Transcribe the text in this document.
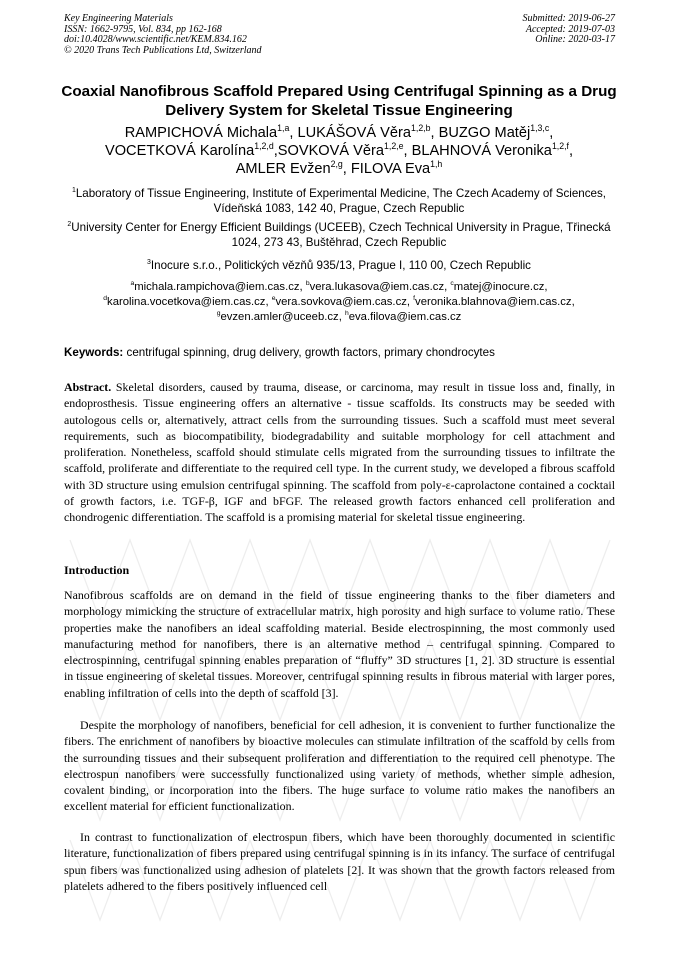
Key Engineering Materials
ISSN: 1662-9795, Vol. 834, pp 162-168
doi:10.4028/www.scientific.net/KEM.834.162
© 2020 Trans Tech Publications Ltd, Switzerland
Submitted: 2019-06-27
Accepted: 2019-07-03
Online: 2020-03-17
Coaxial Nanofibrous Scaffold Prepared Using Centrifugal Spinning as a Drug Delivery System for Skeletal Tissue Engineering
RAMPICHOVÁ Michala$^{1,a}$, LUKÁŠOVÁ Věra$^{1,2,b}$, BUZGO Matěj$^{1,3,c}$,
VOCETKOVÁ Karolína$^{1,2,d}$,SOVKOVÁ Věra$^{1,2,e}$, BLAHNOVÁ Veronika$^{1,2,f}$,
AMLER Evžen$^{2,g}$, FILOVA Eva$^{1,h}$
$^1$Laboratory of Tissue Engineering, Institute of Experimental Medicine, The Czech Academy of Sciences, Vídeňská 1083, 142 40, Prague, Czech Republic
$^2$University Center for Energy Efficient Buildings (UCEEB), Czech Technical University in Prague, Třinecká 1024, 273 43, Buštěhrad, Czech Republic
$^3$Inocure s.r.o., Politických vězňů 935/13, Prague I, 110 00, Czech Republic
$^a$michala.rampichova@iem.cas.cz, $^b$vera.lukasova@iem.cas.cz, $^c$matej@inocure.cz,
$^d$karolina.vocetkova@iem.cas.cz, $^e$vera.sovkova@iem.cas.cz, $^f$veronika.blahnova@iem.cas.cz,
$^g$evzen.amler@uceeb.cz, $^h$eva.filova@iem.cas.cz
Keywords: centrifugal spinning, drug delivery, growth factors, primary chondrocytes
Abstract. Skeletal disorders, caused by trauma, disease, or carcinoma, may result in tissue loss and, finally, in endoprosthesis. Tissue engineering offers an alternative - tissue scaffolds. Its constructs may be seeded with autologous cells or, alternatively, attract cells from the surrounding tissues. Such a scaffold must meet several requirements, such as biocompatibility, biodegradability and suitable morphology for cell attachment and proliferation. Nonetheless, scaffold should stimulate cells migrated from the surrounding tissues to infiltrate the scaffold, proliferate and differentiate to the required cell type. In the current study, we developed a fibrous scaffold with 3D structure using emulsion centrifugal spinning. The scaffold from poly-ε-caprolactone contained a cocktail of growth factors, i.e. TGF-β, IGF and bFGF. The released growth factors enhanced cell proliferation and chondrogenic differentiation. The scaffold is a promising material for skeletal tissue engineering.
Introduction
Nanofibrous scaffolds are on demand in the field of tissue engineering thanks to the fiber diameters and morphology mimicking the structure of extracellular matrix, high porosity and high surface to volume ratio. These properties make the nanofibers an ideal scaffolding material. Beside electrospinning, the most commonly used manufacturing method for nanofibers, there is an alternative method – centrifugal spinning. Compared to electrospinning, centrifugal spinning enables preparation of “fluffy” 3D structures [1, 2]. 3D structure is essential in tissue engineering of skeletal tissues. Moreover, centrifugal spinning results in fibrous material with larger pores, enabling infiltration of cells into the depth of scaffold [3].
Despite the morphology of nanofibers, beneficial for cell adhesion, it is convenient to further functionalize the fibers. The enrichment of nanofibers by bioactive molecules can stimulate infiltration of the scaffold by cells from the surrounding tissues and their subsequent proliferation and differentiation to the required cell phenotype. The electrospun nanofibers were successfully functionalized using variety of methods, whether simple adhesion, covalent binding, or incorporation into the fibers. The huge surface to volume ratio makes the nanofibers an excellent material for efficient functionalization.
In contrast to functionalization of electrospun fibers, which have been thoroughly documented in scientific literature, functionalization of fibers prepared using centrifugal spinning is in its infancy. The surface of centrifugal spun fibers was functionalized using adhesion of platelets [2]. It was shown that the growth factors released from platelets adhered to the fibers positively influenced cell
